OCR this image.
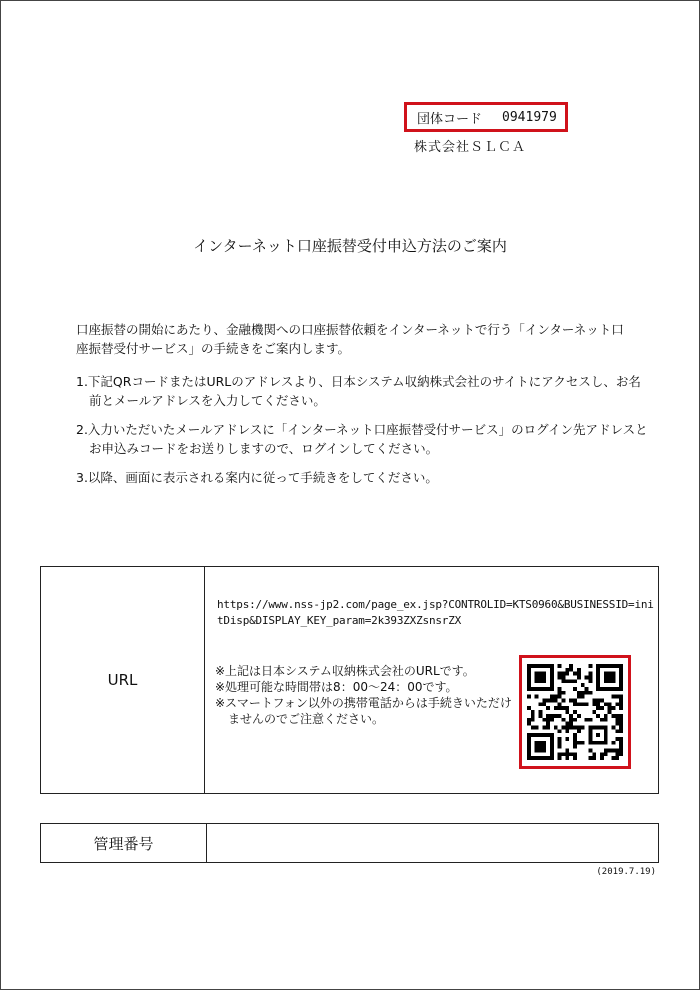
団体コード 0941979
株式会社ＳＬＣＡ
インターネット口座振替受付申込方法のご案内

口座振替の開始にあたり、金融機関への口座振替依頼をインターネットで行う「インターネット口座振替受付サービス」の手続きをご案内します。

1.下記QRコードまたはURLのアドレスより、日本システム収納株式会社のサイトにアクセスし、お名前とメールアドレスを入力してください。
2.入力いただいたメールアドレスに「インターネット口座振替受付サービス」のログイン先アドレスとお申込みコードをお送りしますので、ログインしてください。
3.以降、画面に表示される案内に従って手続きをしてください。
URL	
https://www.nss-jp2.com/page_ex.jsp?CONTROLID=KTS0960&BUSINESSID=initDisp&DISPLAY_KEY_param=2k393ZXZsnsrZX
※上記は日本システム収納株式会社のURLです。
※処理可能な時間帯は8：00～24：00です。
※スマートフォン以外の携帯電話からは手続きいただけませんのでご注意ください。
管理番号	
(2019.7.19)
